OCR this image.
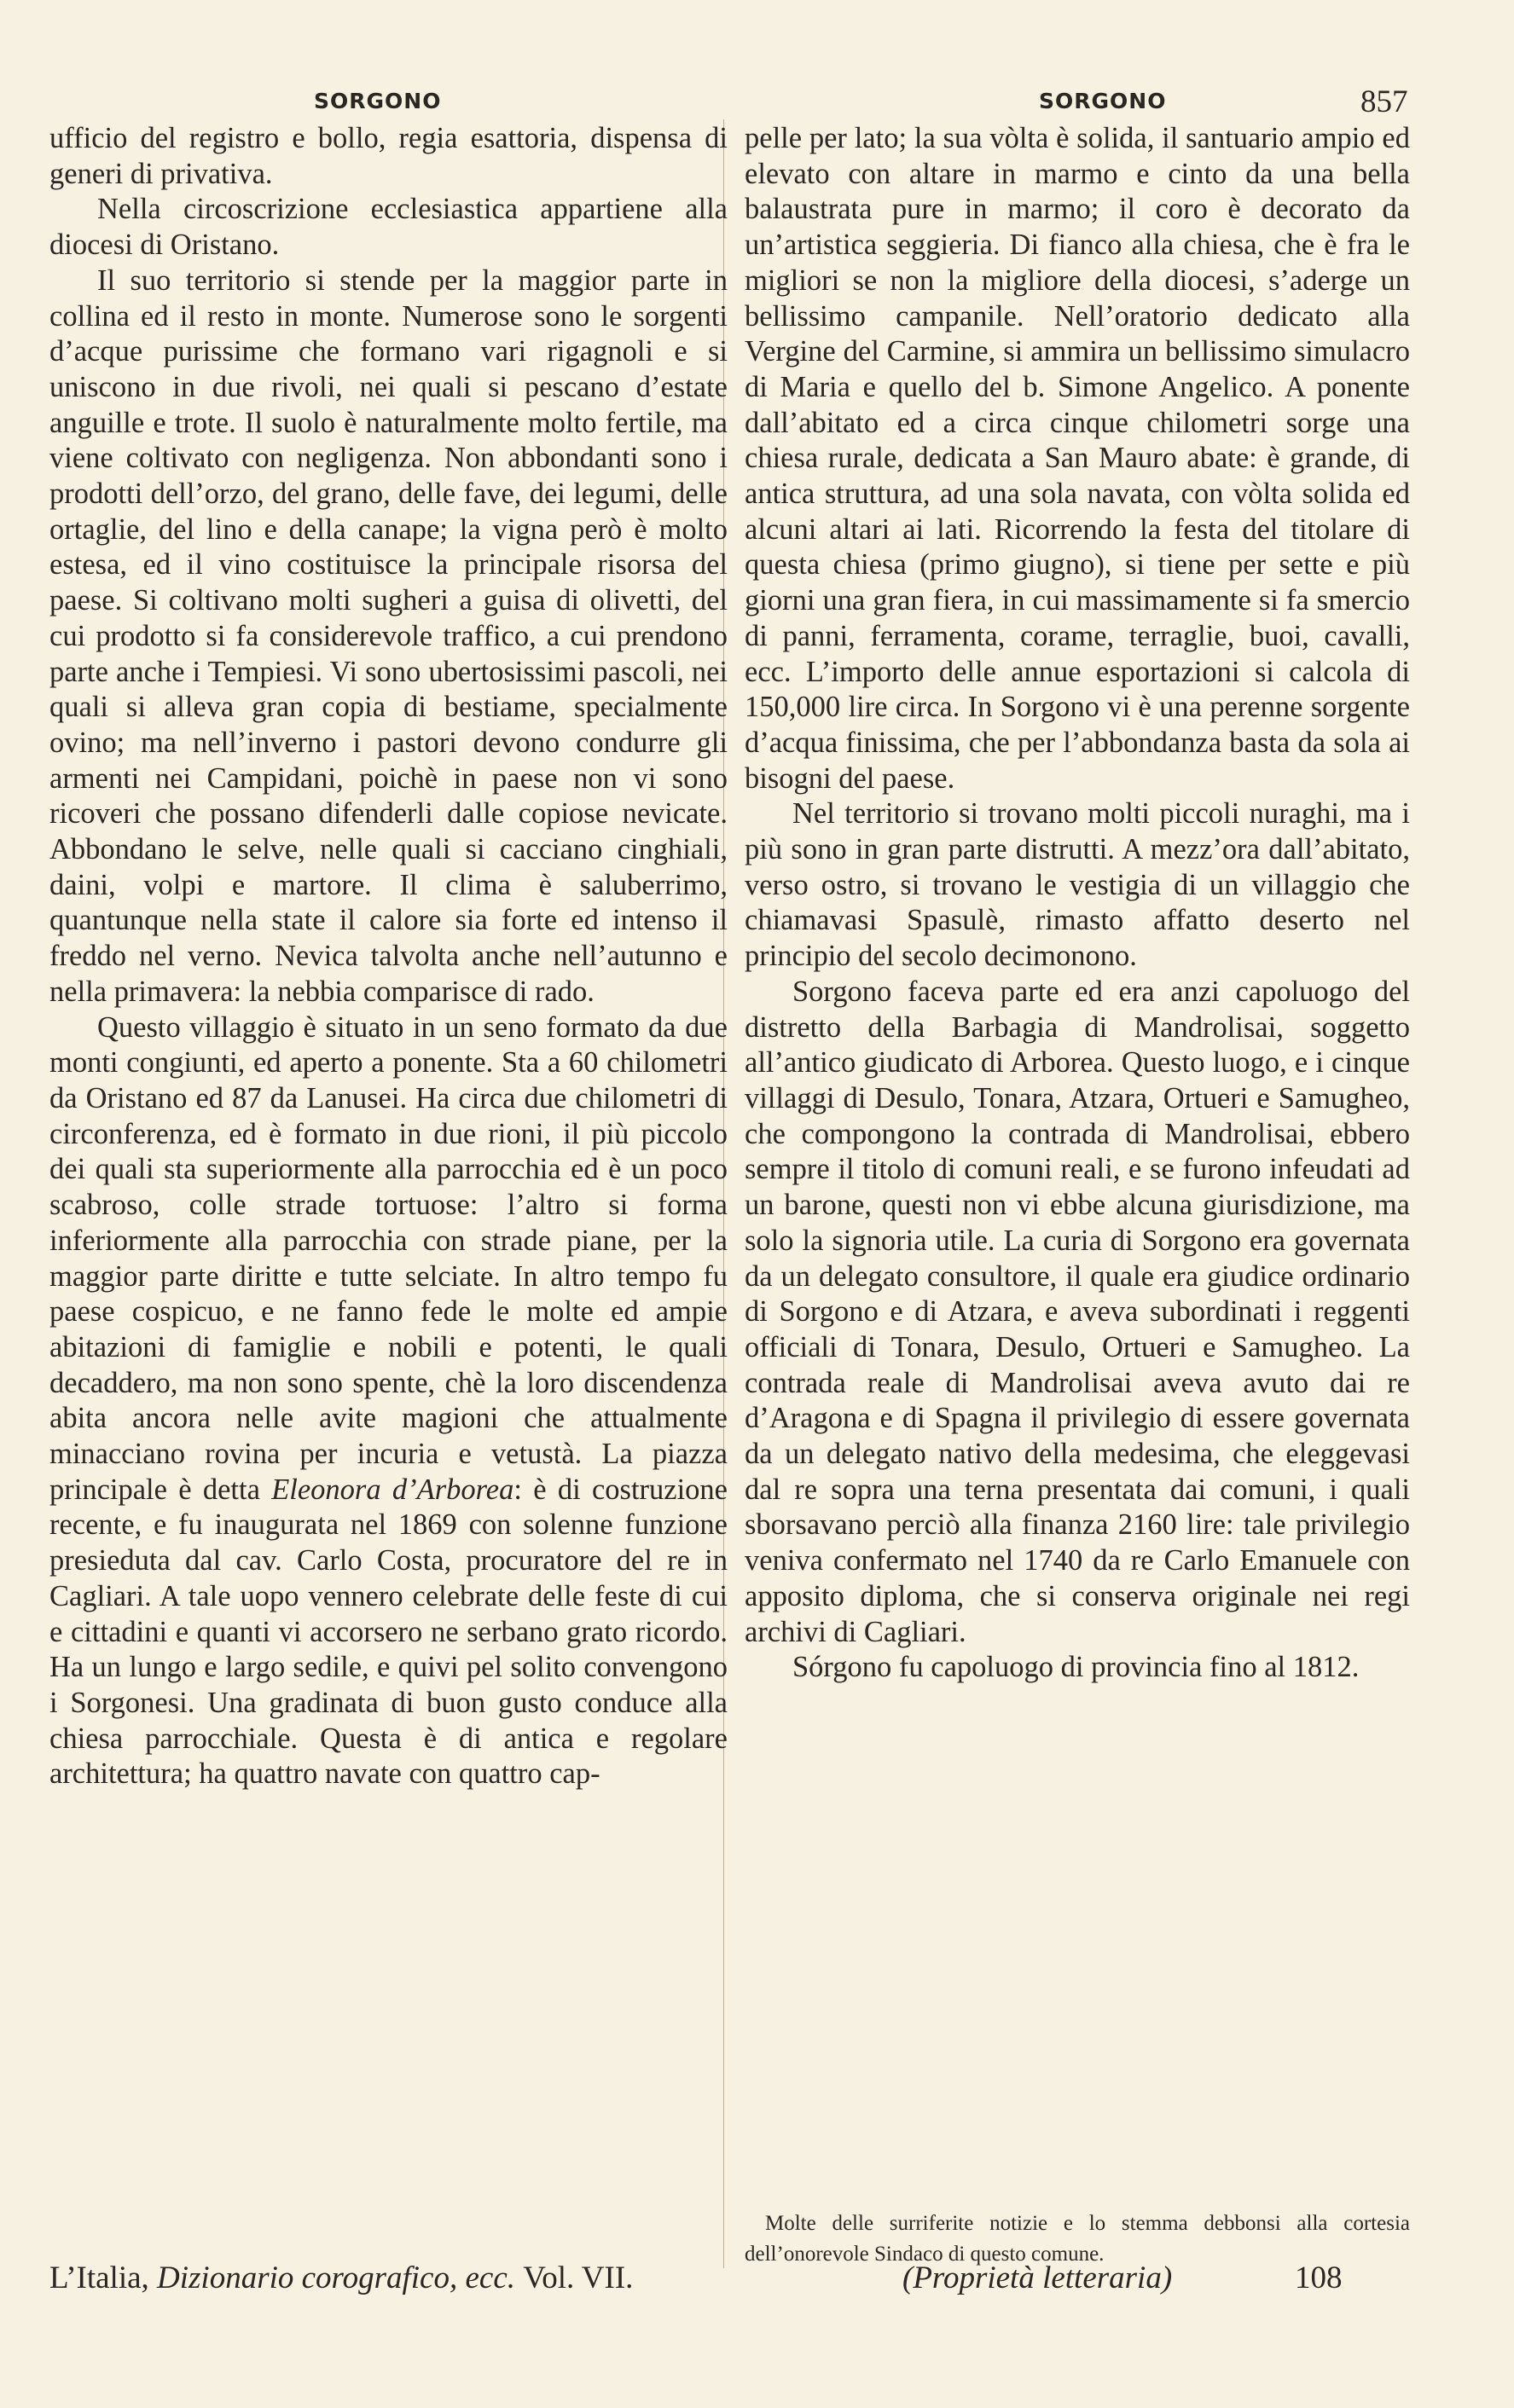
SORGONO	SORGONO	857

ufficio del registro e bollo, regia esattoria, dispensa di generi di privativa.

Nella circoscrizione ecclesiastica appartiene alla diocesi di Oristano.

Il suo territorio si stende per la maggior parte in collina ed il resto in monte. Numerose sono le sorgenti d’acque purissime che formano vari rigagnoli e si uniscono in due rivoli, nei quali si pescano d’estate anguille e trote. Il suolo è naturalmente molto fertile, ma viene coltivato con negligenza. Non abbondanti sono i prodotti dell’orzo, del grano, delle fave, dei legumi, delle ortaglie, del lino e della canape; la vigna però è molto estesa, ed il vino costituisce la principale risorsa del paese. Si coltivano molti sugheri a guisa di olivetti, del cui prodotto si fa considerevole traffico, a cui prendono parte anche i Tempiesi. Vi sono ubertosissimi pascoli, nei quali si alleva gran copia di bestiame, specialmente ovino; ma nell’inverno i pastori devono condurre gli armenti nei Campidani, poichè in paese non vi sono ricoveri che possano difenderli dalle copiose nevicate. Abbondano le selve, nelle quali si cacciano cinghiali, daini, volpi e martore. Il clima è saluberrimo, quantunque nella state il calore sia forte ed intenso il freddo nel verno. Nevica talvolta anche nell’autunno e nella primavera: la nebbia comparisce di rado.

Questo villaggio è situato in un seno formato da due monti congiunti, ed aperto a ponente. Sta a 60 chilometri da Oristano ed 87 da Lanusei. Ha circa due chilometri di circonferenza, ed è formato in due rioni, il più piccolo dei quali sta superiormente alla parrocchia ed è un poco scabroso, colle strade tortuose: l’altro si forma inferiormente alla parrocchia con strade piane, per la maggior parte diritte e tutte selciate. In altro tempo fu paese cospicuo, e ne fanno fede le molte ed ampie abitazioni di famiglie e nobili e potenti, le quali decaddero, ma non sono spente, chè la loro discendenza abita ancora nelle avite magioni che attualmente minacciano rovina per incuria e vetustà. La piazza principale è detta Eleonora d’Arborea: è di costruzione recente, e fu inaugurata nel 1869 con solenne funzione presieduta dal cav. Carlo Costa, procuratore del re in Cagliari. A tale uopo vennero celebrate delle feste di cui e cittadini e quanti vi accorsero ne serbano grato ricordo. Ha un lungo e largo sedile, e quivi pel solito convengono i Sorgonesi. Una gradinata di buon gusto conduce alla chiesa parrocchiale. Questa è di antica e regolare architettura; ha quattro navate con quattro cap-

pelle per lato; la sua vòlta è solida, il santuario ampio ed elevato con altare in marmo e cinto da una bella balaustrata pure in marmo; il coro è decorato da un’artistica seggieria. Di fianco alla chiesa, che è fra le migliori se non la migliore della diocesi, s’aderge un bellissimo campanile. Nell’oratorio dedicato alla Vergine del Carmine, si ammira un bellissimo simulacro di Maria e quello del b. Simone Angelico. A ponente dall’abitato ed a circa cinque chilometri sorge una chiesa rurale, dedicata a San Mauro abate: è grande, di antica struttura, ad una sola navata, con vòlta solida ed alcuni altari ai lati. Ricorrendo la festa del titolare di questa chiesa (primo giugno), si tiene per sette e più giorni una gran fiera, in cui massimamente si fa smercio di panni, ferramenta, corame, terraglie, buoi, cavalli, ecc. L’importo delle annue esportazioni si calcola di 150,000 lire circa. In Sorgono vi è una perenne sorgente d’acqua finissima, che per l’abbondanza basta da sola ai bisogni del paese.

Nel territorio si trovano molti piccoli nuraghi, ma i più sono in gran parte distrutti. A mezz’ora dall’abitato, verso ostro, si trovano le vestigia di un villaggio che chiamavasi Spasulè, rimasto affatto deserto nel principio del secolo decimonono.

Sorgono faceva parte ed era anzi capoluogo del distretto della Barbagia di Mandrolisai, soggetto all’antico giudicato di Arborea. Questo luogo, e i cinque villaggi di Desulo, Tonara, Atzara, Ortueri e Samugheo, che compongono la contrada di Mandrolisai, ebbero sempre il titolo di comuni reali, e se furono infeudati ad un barone, questi non vi ebbe alcuna giurisdizione, ma solo la signoria utile. La curia di Sorgono era governata da un delegato consultore, il quale era giudice ordinario di Sorgono e di Atzara, e aveva subordinati i reggenti officiali di Tonara, Desulo, Ortueri e Samugheo. La contrada reale di Mandrolisai aveva avuto dai re d’Aragona e di Spagna il privilegio di essere governata da un delegato nativo della medesima, che eleggevasi dal re sopra una terna presentata dai comuni, i quali sborsavano perciò alla finanza 2160 lire: tale privilegio veniva confermato nel 1740 da re Carlo Emanuele con apposito diploma, che si conserva originale nei regi archivi di Cagliari.

Sórgono fu capoluogo di provincia fino al 1812.

Molte delle surriferite notizie e lo stemma debbonsi alla cortesia dell’onorevole Sindaco di questo comune.
L’Italia, Dizionario corografico, ecc. Vol. VII.	(Proprietà letteraria)	108
